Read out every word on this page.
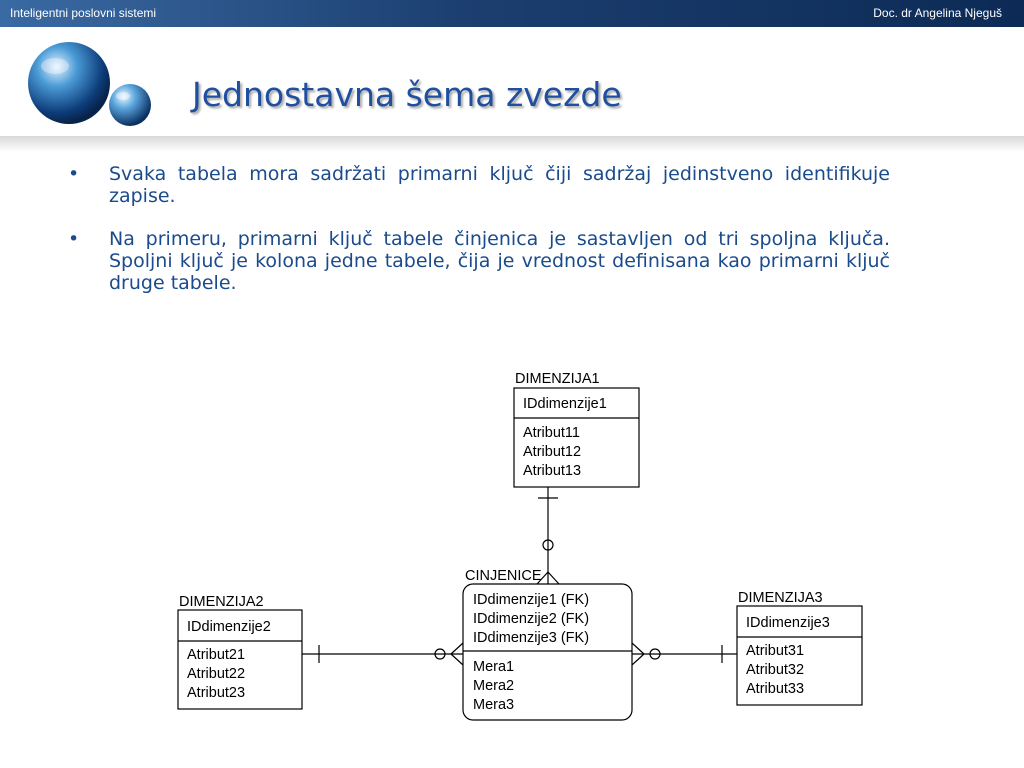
Inteligentni poslovni sistemi	Doc. dr Angelina Njeguš
Jednostavna šema zvezde
• Svaka tabela mora sadržati primarni ključ čiji sadržaj jedinstveno identifikuje zapise.
• Na primeru, primarni ključ tabele činjenica je sastavljen od tri spoljna ključa. Spoljni ključ je kolona jedne tabele, čija je vrednost definisana kao primarni ključ druge tabele.
DIMENZIJA1
IDdimenzije1
Atribut11
Atribut12
Atribut13
DIMENZIJA2
IDdimenzije2
Atribut21
Atribut22
Atribut23
DIMENZIJA3
IDdimenzije3
Atribut31
Atribut32
Atribut33
CINJENICE
IDdimenzije1 (FK)
IDdimenzije2 (FK)
IDdimenzije3 (FK)
Mera1
Mera2
Mera3
